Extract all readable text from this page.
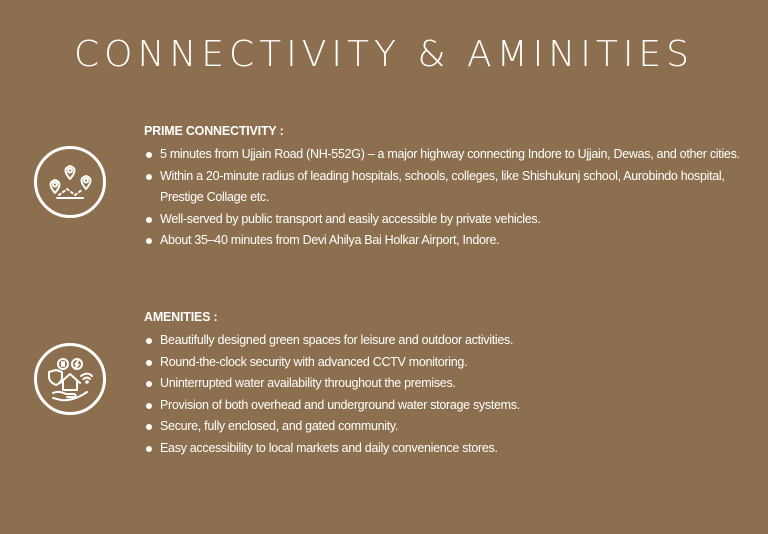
CONNECTIVITY & AMINITIES
PRIME CONNECTIVITY :
5 minutes from Ujjain Road (NH-552G) – a major highway connecting Indore to Ujjain, Dewas, and other cities.
Within a 20-minute radius of leading hospitals, schools, colleges, like Shishukunj school, Aurobindo hospital, Prestige Collage etc.
Well-served by public transport and easily accessible by private vehicles.
About 35–40 minutes from Devi Ahilya Bai Holkar Airport, Indore.
AMENITIES :
Beautifully designed green spaces for leisure and outdoor activities.
Round-the-clock security with advanced CCTV monitoring.
Uninterrupted water availability throughout the premises.
Provision of both overhead and underground water storage systems.
Secure, fully enclosed, and gated community.
Easy accessibility to local markets and daily convenience stores.
